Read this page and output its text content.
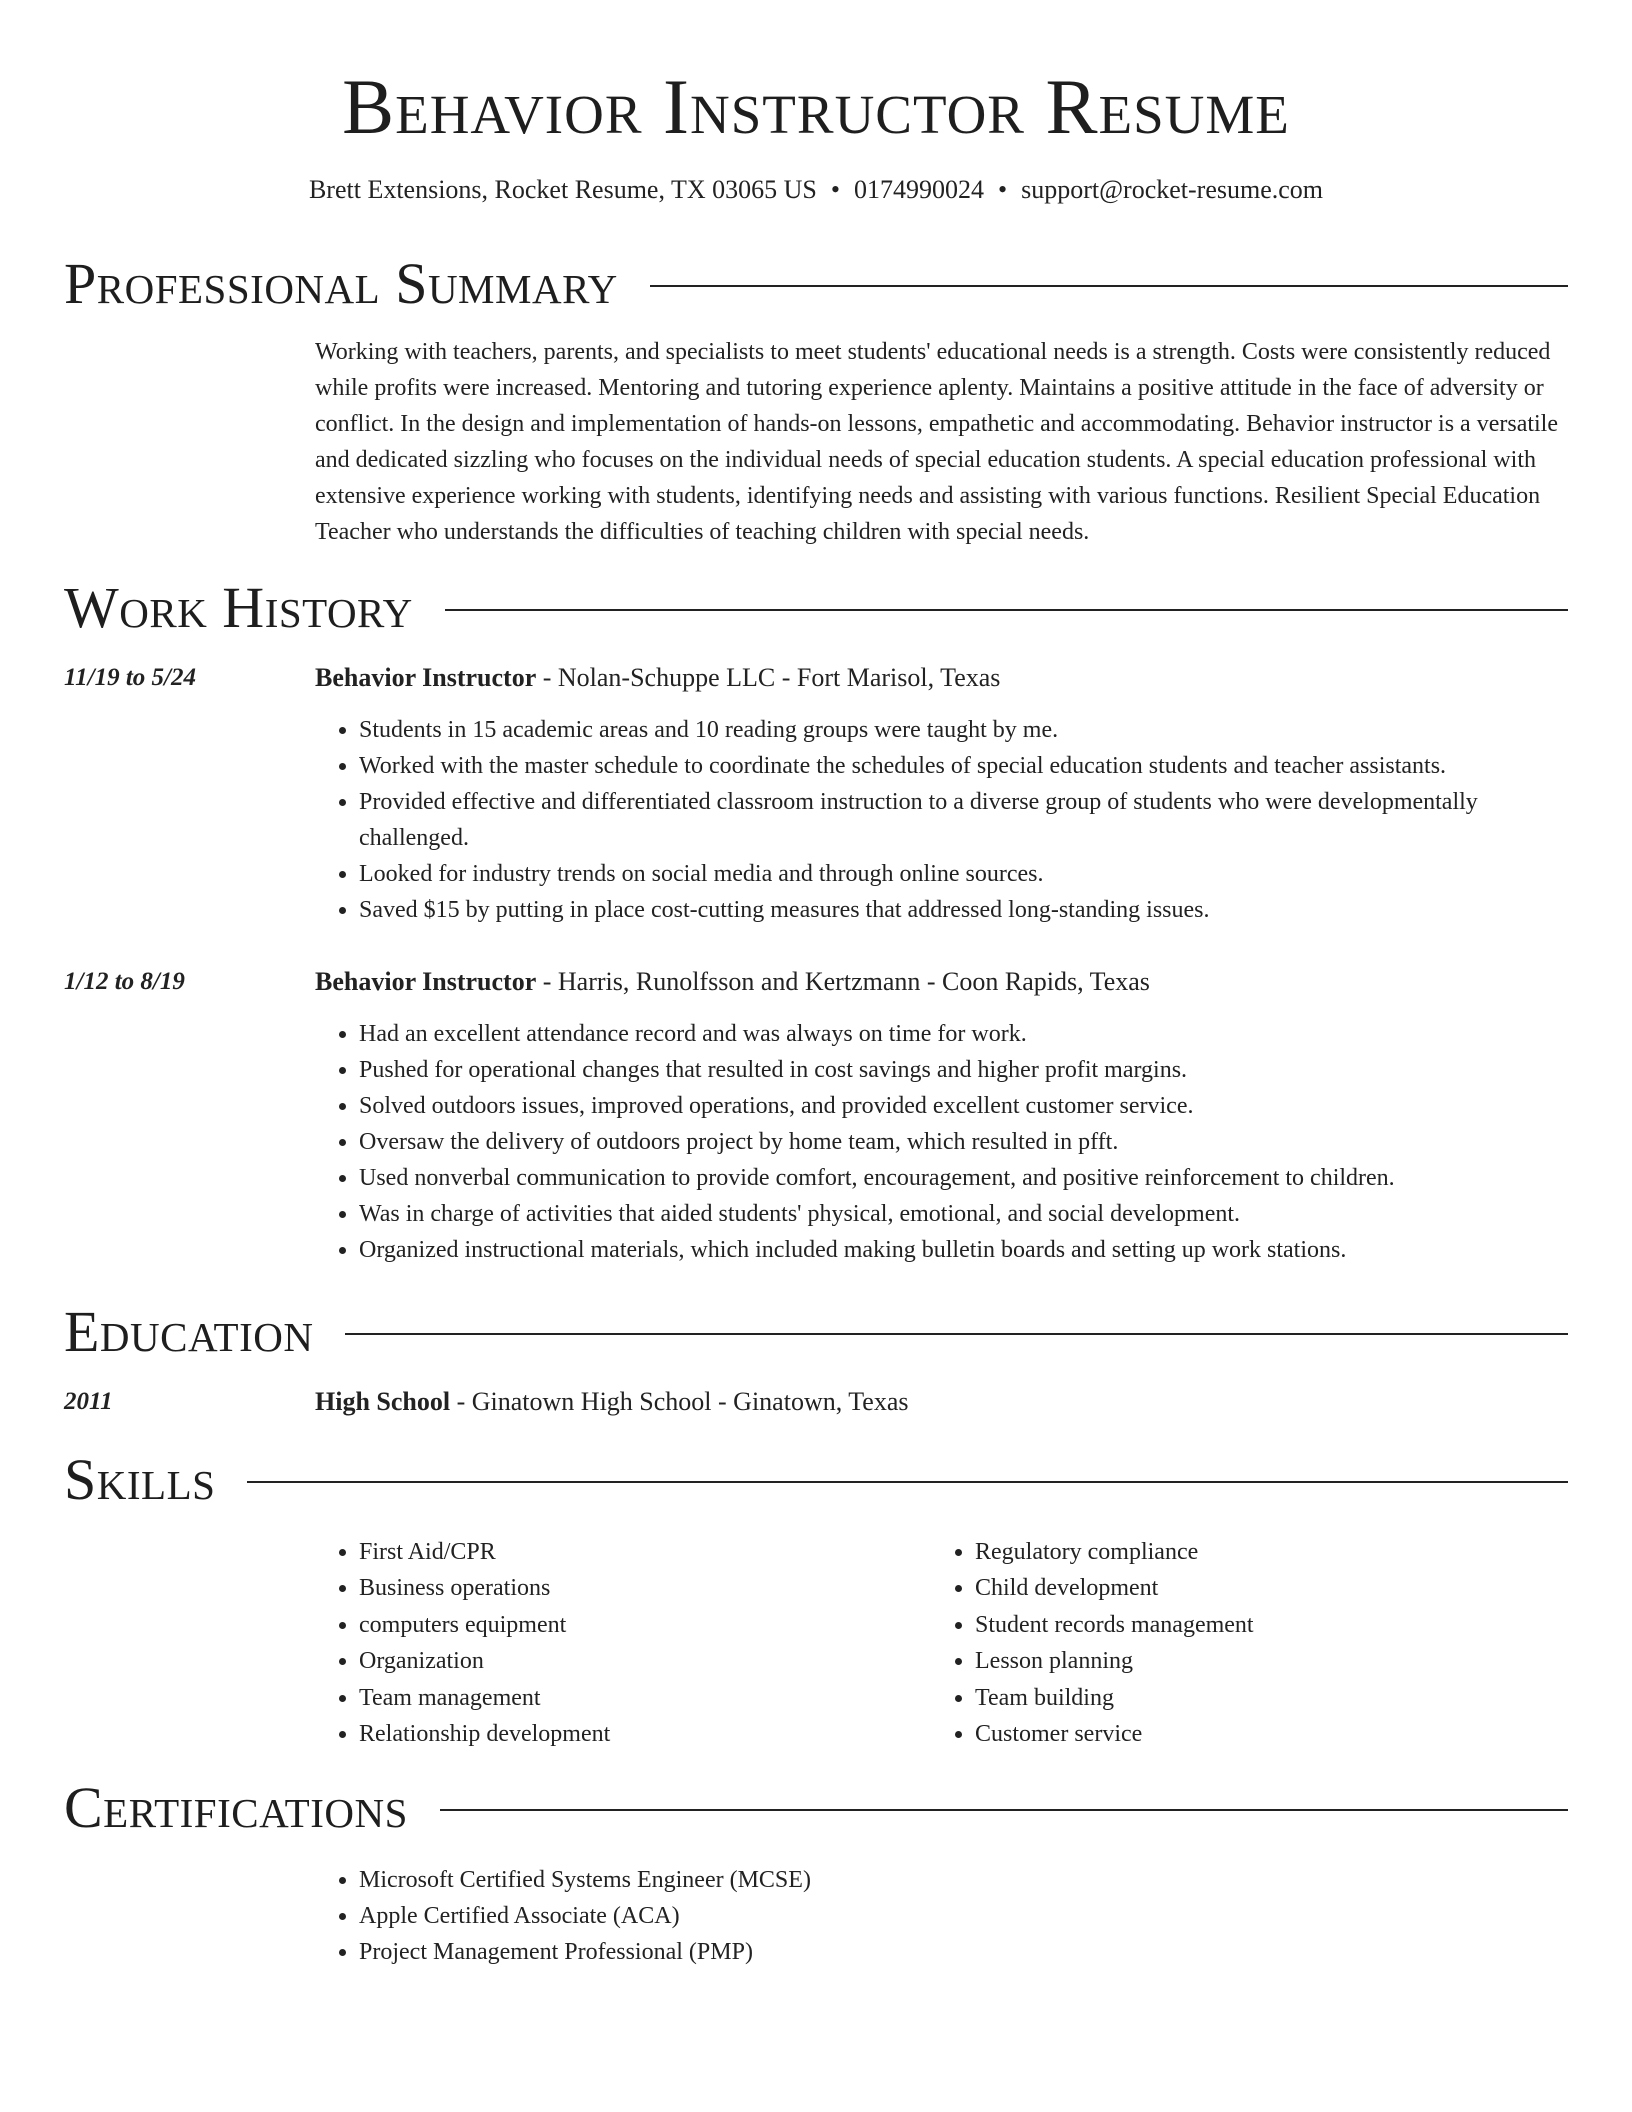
Behavior Instructor Resume
Brett Extensions, Rocket Resume, TX 03065 US • 0174990024 • support@rocket-resume.com
Professional Summary

Working with teachers, parents, and specialists to meet students' educational needs is a strength. Costs were consistently reduced while profits were increased. Mentoring and tutoring experience aplenty. Maintains a positive attitude in the face of adversity or conflict. In the design and implementation of hands-on lessons, empathetic and accommodating. Behavior instructor is a versatile and dedicated sizzling who focuses on the individual needs of special education students. A special education professional with extensive experience working with students, identifying needs and assisting with various functions. Resilient Special Education Teacher who understands the difficulties of teaching children with special needs.

Work History
11/19 to 5/24	Behavior Instructor - Nolan-Schuppe LLC - Fort Marisol, Texas
• Students in 15 academic areas and 10 reading groups were taught by me.
• Worked with the master schedule to coordinate the schedules of special education students and teacher assistants.
• Provided effective and differentiated classroom instruction to a diverse group of students who were developmentally challenged.
• Looked for industry trends on social media and through online sources.
• Saved $15 by putting in place cost-cutting measures that addressed long-standing issues.
1/12 to 8/19	Behavior Instructor - Harris, Runolfsson and Kertzmann - Coon Rapids, Texas
• Had an excellent attendance record and was always on time for work.
• Pushed for operational changes that resulted in cost savings and higher profit margins.
• Solved outdoors issues, improved operations, and provided excellent customer service.
• Oversaw the delivery of outdoors project by home team, which resulted in pfft.
• Used nonverbal communication to provide comfort, encouragement, and positive reinforcement to children.
• Was in charge of activities that aided students' physical, emotional, and social development.
• Organized instructional materials, which included making bulletin boards and setting up work stations.
Education
2011	High School - Ginatown High School - Ginatown, Texas
Skills
• First Aid/CPR
• Business operations
• computers equipment
• Organization
• Team management
• Relationship development
• Regulatory compliance
• Child development
• Student records management
• Lesson planning
• Team building
• Customer service
Certifications
• Microsoft Certified Systems Engineer (MCSE)
• Apple Certified Associate (ACA)
• Project Management Professional (PMP)
